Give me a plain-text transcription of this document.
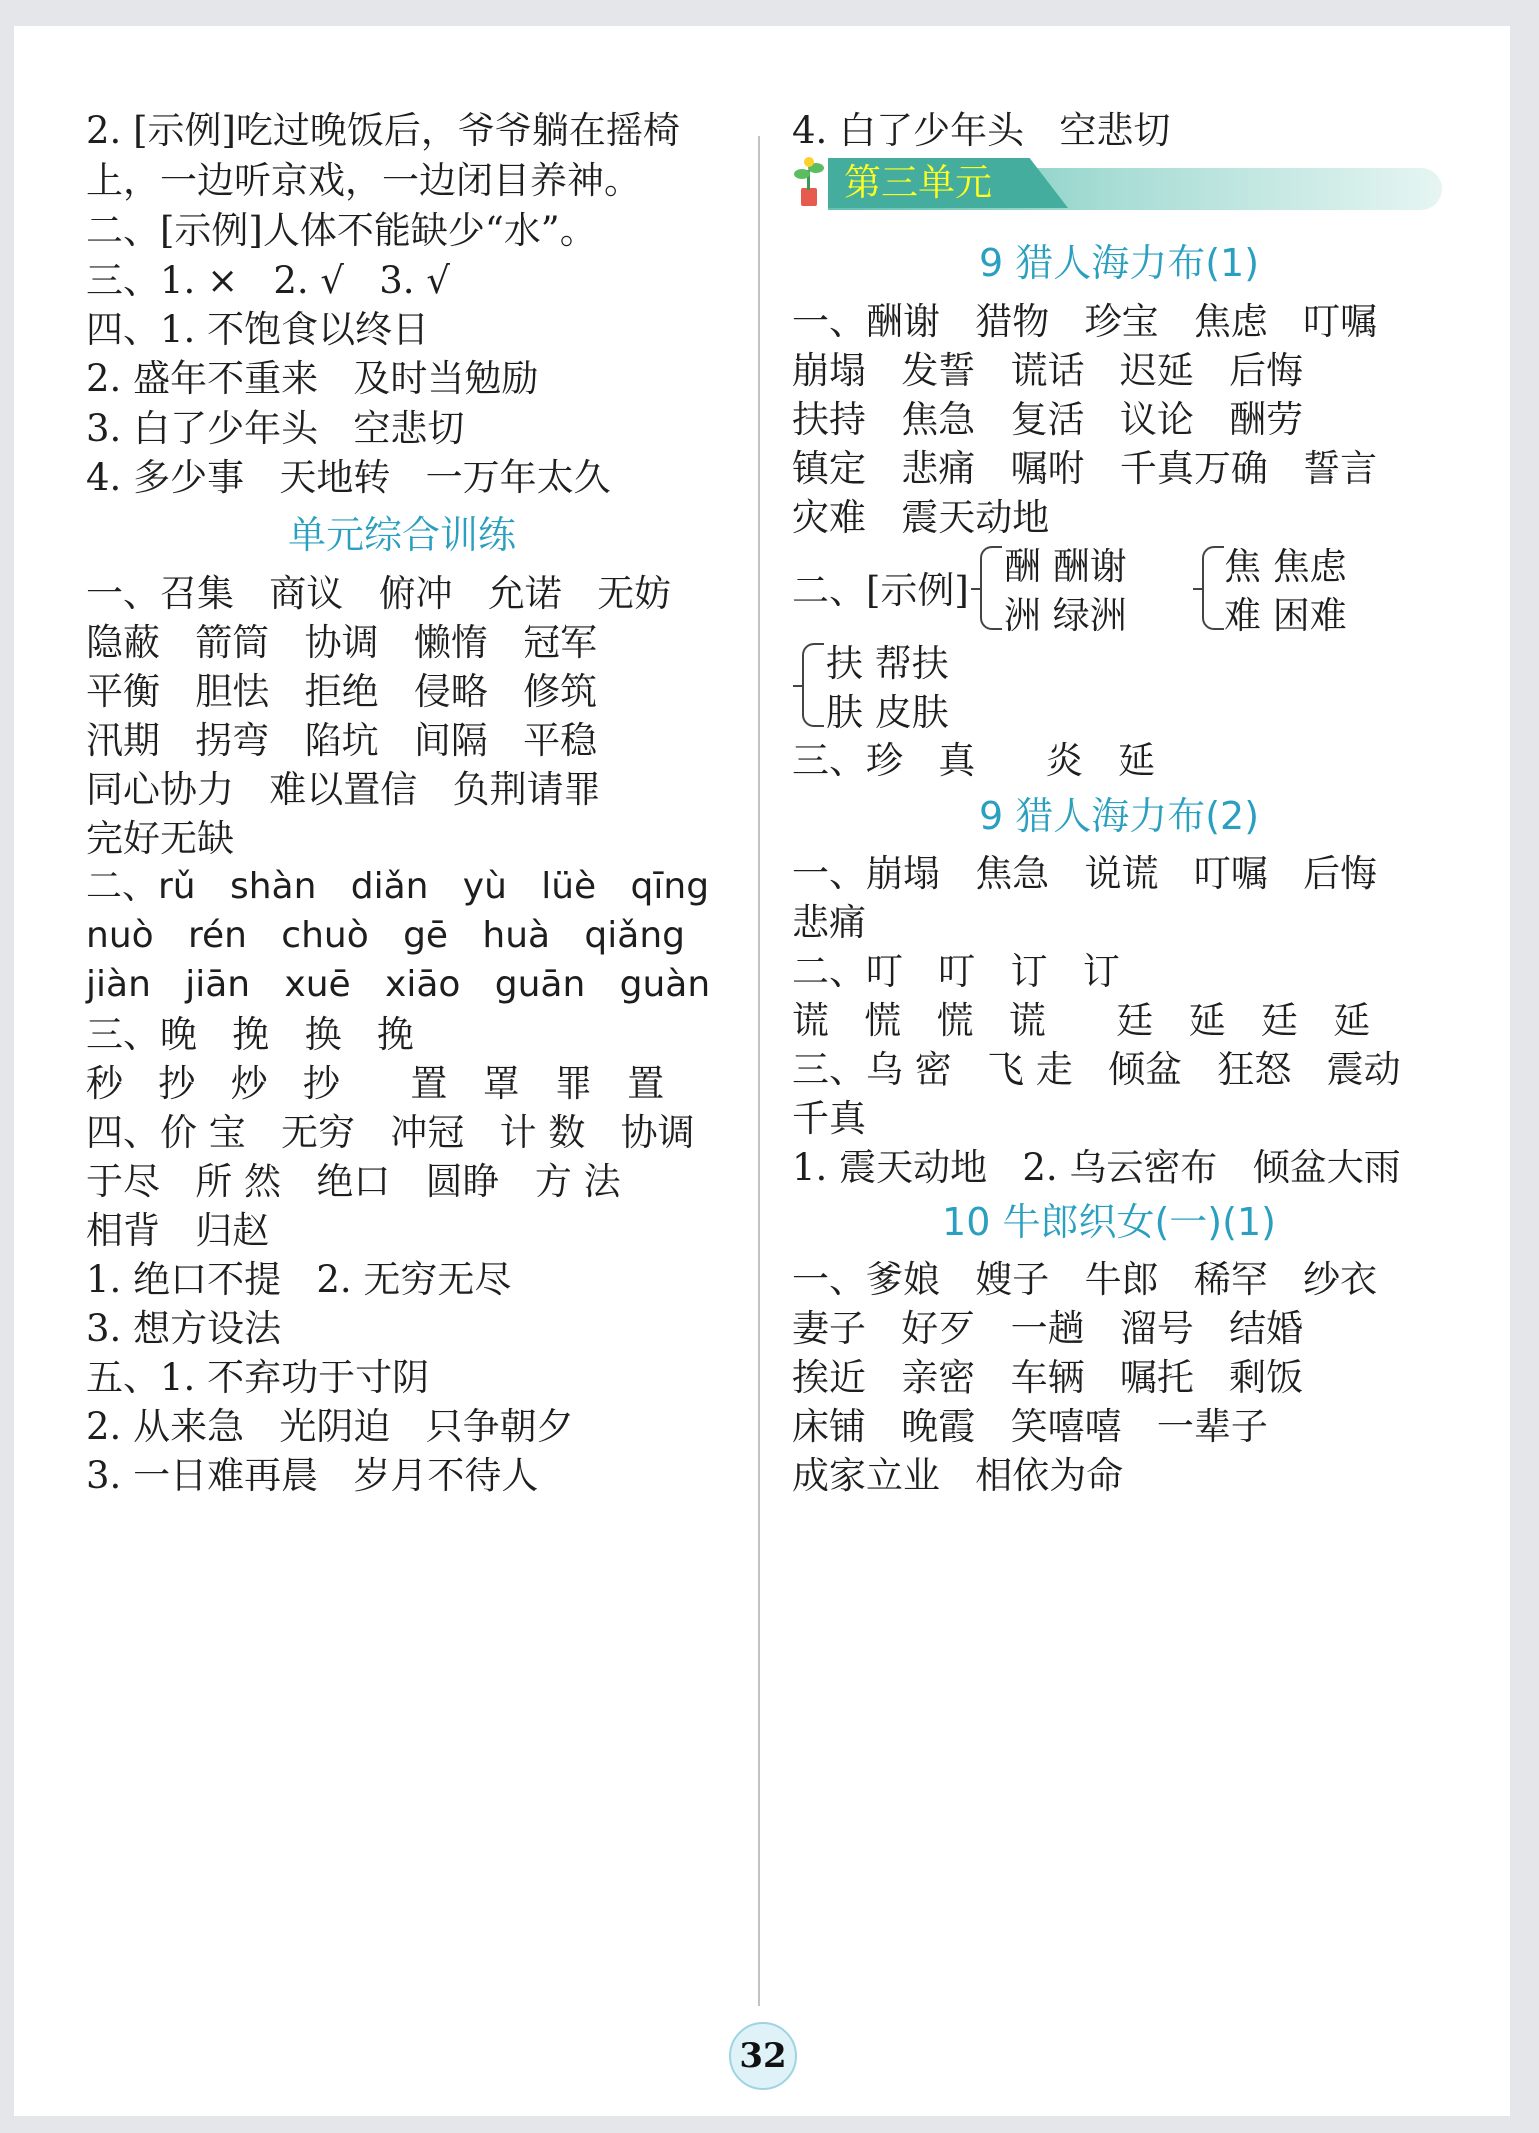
2. [示例]吃过晚饭后，爷爷躺在摇椅
上，一边听京戏，一边闭目养神。
二、[示例]人体不能缺少“水”。
三、1. ×   2. √   3. √
四、1. 不饱食以终日
2. 盛年不重来   及时当勉励
3. 白了少年头   空悲切
4. 多少事   天地转   一万年太久
单元综合训练
一、召集   商议   俯冲   允诺   无妨
隐蔽   箭筒   协调   懒惰   冠军
平衡   胆怯   拒绝   侵略   修筑
汛期   拐弯   陷坑   间隔   平稳
同心协力   难以置信   负荆请罪
完好无缺
二、rǔ   shàn   diǎn   yù   lüè   qīng
nuò   rén   chuò   gē   huà   qiǎng
jiàn   jiān   xuē   xiāo   guān   guàn
三、晚   挽   换   挽
秒   抄   炒   抄      置   罩   罪   置
四、价 宝   无穷   冲冠   计 数   协调
于尽   所 然   绝口   圆睁   方 法
相背   归赵
1. 绝口不提   2. 无穷无尽
3. 想方设法
五、1. 不弃功于寸阴
2. 从来急   光阴迫   只争朝夕
3. 一日难再晨   岁月不待人
4. 白了少年头   空悲切
第三单元
9 猎人海力布(1)
一、酬谢   猎物   珍宝   焦虑   叮嘱
崩塌   发誓   谎话   迟延   后悔
扶持   焦急   复活   议论   酬劳
镇定   悲痛   嘱咐   千真万确   誓言
灾难   震天动地
二、[示例]
酬 酬谢
洲 绿洲
焦 焦虑
难 困难
扶 帮扶
肤 皮肤
三、珍   真      炎   延
9 猎人海力布(2)
一、崩塌   焦急   说谎   叮嘱   后悔
悲痛
二、叮   叮   订   订
谎   慌   慌   谎      廷   延   廷   延
三、乌 密   飞 走   倾盆   狂怒   震动
千真
1. 震天动地   2. 乌云密布   倾盆大雨
10 牛郎织女(一)(1)
一、爹娘   嫂子   牛郎   稀罕   纱衣
妻子   好歹   一趟   溜号   结婚
挨近   亲密   车辆   嘱托   剩饭
床铺   晚霞   笑嘻嘻   一辈子
成家立业   相依为命
32
